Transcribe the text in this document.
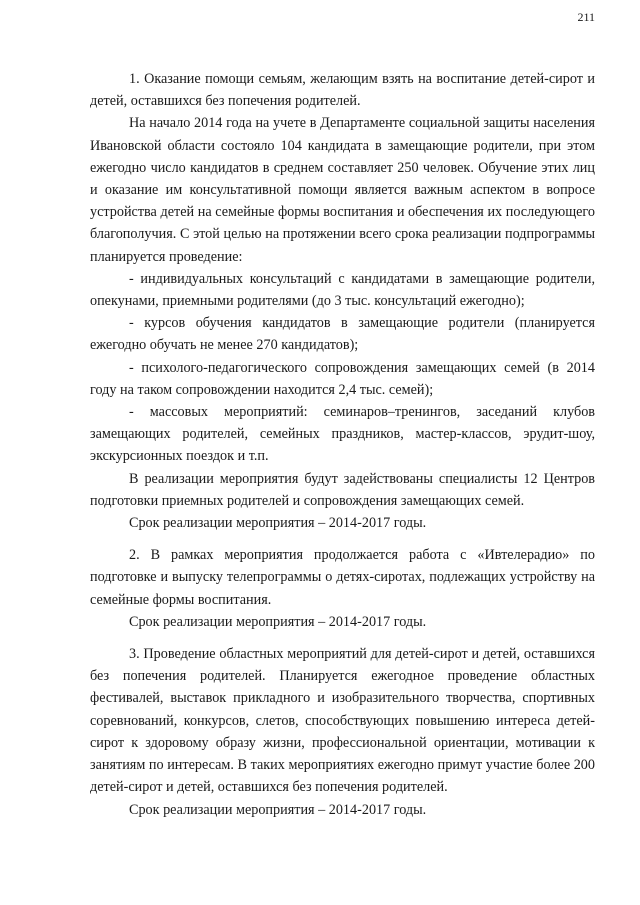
211

1. Оказание помощи семьям, желающим взять на воспитание детей-сирот и детей, оставшихся без попечения родителей.

На начало 2014 года на учете в Департаменте социальной защиты населения Ивановской области состояло 104 кандидата в замещающие родители, при этом ежегодно число кандидатов в среднем составляет 250 человек. Обучение этих лиц и оказание им консультативной помощи является важным аспектом в вопросе устройства детей на семейные формы воспитания и обеспечения их последующего благополучия. С этой целью на протяжении всего срока реализации подпрограммы планируется проведение:

- индивидуальных консультаций с кандидатами в замещающие родители, опекунами, приемными родителями (до 3 тыс. консультаций ежегодно);

- курсов обучения кандидатов в замещающие родители (планируется ежегодно обучать не менее 270 кандидатов);

- психолого-педагогического сопровождения замещающих семей (в 2014 году на таком сопровождении находится 2,4 тыс. семей);

- массовых мероприятий: семинаров–тренингов, заседаний клубов замещающих родителей, семейных праздников, мастер-классов, эрудит-шоу, экскурсионных поездок и т.п.

В реализации мероприятия будут задействованы специалисты 12 Центров подготовки приемных родителей и сопровождения замещающих семей.

Срок реализации мероприятия – 2014-2017 годы.

2. В рамках мероприятия продолжается работа с «Ивтелерадио» по подготовке и выпуску телепрограммы о детях-сиротах, подлежащих устройству на семейные формы воспитания.

Срок реализации мероприятия – 2014-2017 годы.

3. Проведение областных мероприятий для детей-сирот и детей, оставшихся без попечения родителей. Планируется ежегодное проведение областных фестивалей, выставок прикладного и изобразительного творчества, спортивных соревнований, конкурсов, слетов, способствующих повышению интереса детей-сирот к здоровому образу жизни, профессиональной ориентации, мотивации к занятиям по интересам. В таких мероприятиях ежегодно примут участие более 200 детей-сирот и детей, оставшихся без попечения родителей.

Срок реализации мероприятия – 2014-2017 годы.
